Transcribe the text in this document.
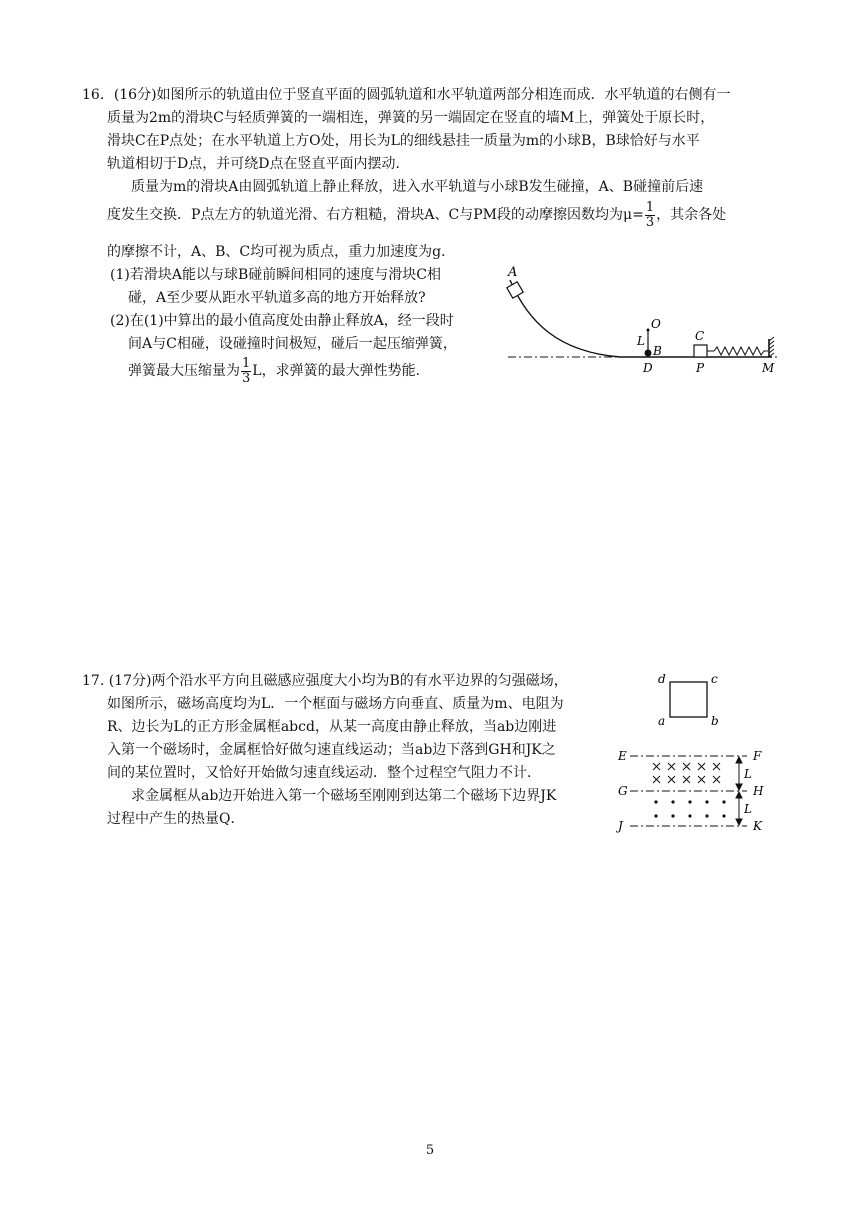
16．(16分)如图所示的轨道由位于竖直平面的圆弧轨道和水平轨道两部分相连而成．水平轨道的右侧有一
质量为2m的滑块C与轻质弹簧的一端相连，弹簧的另一端固定在竖直的墙M上，弹簧处于原长时，
滑块C在P点处；在水平轨道上方O处，用长为L的细线悬挂一质量为m的小球B，B球恰好与水平
轨道相切于D点，并可绕D点在竖直平面内摆动．
质量为m的滑块A由圆弧轨道上静止释放，进入水平轨道与小球B发生碰撞，A、B碰撞前后速
度发生交换．P点左方的轨道光滑、右方粗糙，滑块A、C与PM段的动摩擦因数均为$\mu= \frac{1}{3}$ ，其余各处
的摩擦不计，A、B、C均可视为质点，重力加速度为g．
(1)若滑块A能以与球B碰前瞬间相同的速度与滑块C相
碰，A至少要从距水平轨道多高的地方开始释放?
(2)在(1)中算出的最小值高度处由静止释放A，经一段时
间A与C相碰，设碰撞时间极短，碰后一起压缩弹簧，
弹簧最大压缩量为 $\frac{1}{3}$ L，求弹簧的最大弹性势能．
A
O
L
B
D
C
P	M
17. (17分)两个沿水平方向且磁感应强度大小均为B的有水平边界的匀强磁场，
如图所示，磁场高度均为L．一个框面与磁场方向垂直、质量为m、电阻为
R、边长为L的正方形金属框abcd，从某一高度由静止释放，当ab边刚进
入第一个磁场时，金属框恰好做匀速直线运动；当ab边下落到GH和JK之
间的某位置时，又恰好开始做匀速直线运动．整个过程空气阻力不计．
求金属框从ab边开始进入第一个磁场至刚刚到达第二个磁场下边界JK
过程中产生的热量Q．
d	c
a	b
E	F
G	H
J	K
L
L
5
